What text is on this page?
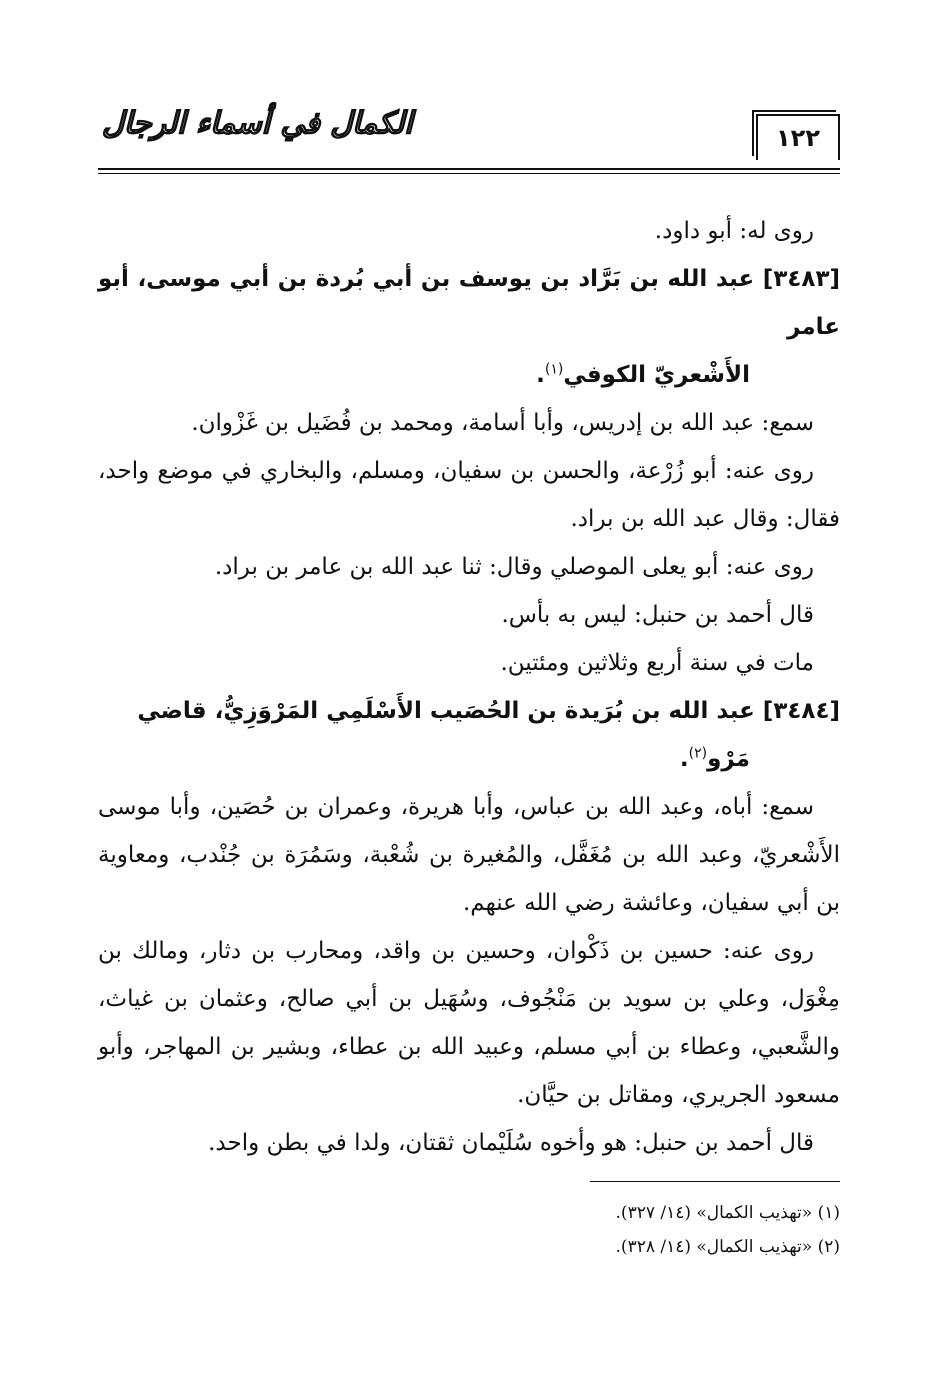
١٢٢
الكمال في أسماء الرجال

روى له: أبو داود.

[٣٤٨٣] عبد الله بن بَرَّاد بن يوسف بن أبي بُردة بن أبي موسى، أبو عامر
الأَشْعريّ الكوفي$^{(١)}$.

سمع: عبد الله بن إدريس، وأبا أسامة، ومحمد بن فُضَيل بن غَزْوان.

روى عنه: أبو زُرْعة، والحسن بن سفيان، ومسلم، والبخاري في موضع واحد، فقال: وقال عبد الله بن براد.

روى عنه: أبو يعلى الموصلي وقال: ثنا عبد الله بن عامر بن براد.

قال أحمد بن حنبل: ليس به بأس.

مات في سنة أربع وثلاثين ومئتين.

[٣٤٨٤] عبد الله بن بُرَيدة بن الحُصَيب الأَسْلَمِي المَرْوَزِيُّ، قاضي
مَرْو$^{(٢)}$.

سمع: أباه، وعبد الله بن عباس، وأبا هريرة، وعمران بن حُصَين، وأبا موسى الأَشْعريّ، وعبد الله بن مُغَفَّل، والمُغيرة بن شُعْبة، وسَمُرَة بن جُنْدب، ومعاوية بن أبي سفيان، وعائشة رضي الله عنهم.

روى عنه: حسين بن ذَكْوان، وحسين بن واقد، ومحارب بن دثار، ومالك بن مِغْوَل، وعلي بن سويد بن مَنْجُوف، وسُهَيل بن أبي صالح، وعثمان بن غياث، والشَّعبي، وعطاء بن أبي مسلم، وعبيد الله بن عطاء، وبشير بن المهاجر، وأبو مسعود الجريري، ومقاتل بن حيَّان.

قال أحمد بن حنبل: هو وأخوه سُلَيْمان ثقتان، ولدا في بطن واحد.

(١) «تهذيب الكمال» (١٤/ ٣٢٧).

(٢) «تهذيب الكمال» (١٤/ ٣٢٨).
